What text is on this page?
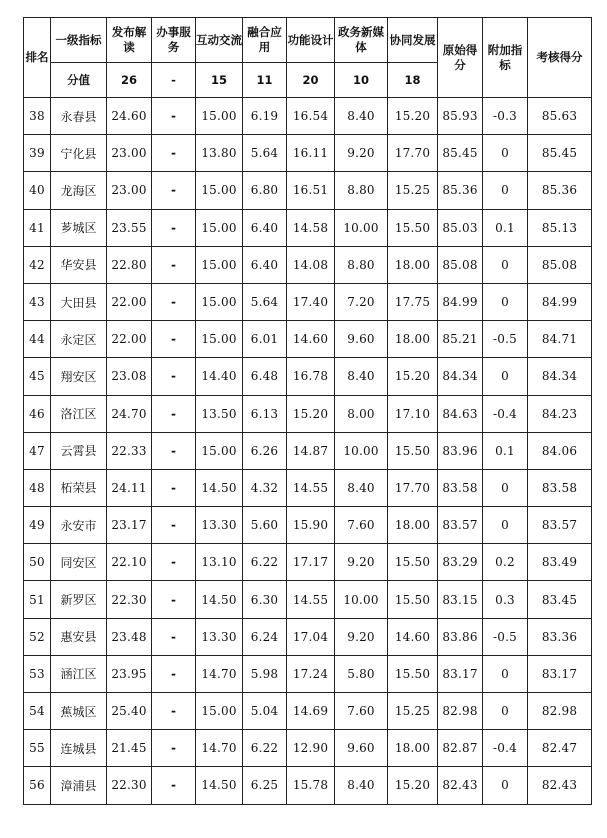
排名	一级指标	发布解读	办事服务	互动交流	融合应用	功能设计	政务新媒体	协同发展	原始得分	附加指标	考核得分

	分值	26	-	15	11	20	10	18			
38	永春县	24.60	-	15.00	6.19	16.54	8.40	15.20	85.93	-0.3	85.63
39	宁化县	23.00	-	13.80	5.64	16.11	9.20	17.70	85.45	0	85.45
40	龙海区	23.00	-	15.00	6.80	16.51	8.80	15.25	85.36	0	85.36
41	芗城区	23.55	-	15.00	6.40	14.58	10.00	15.50	85.03	0.1	85.13
42	华安县	22.80	-	15.00	6.40	14.08	8.80	18.00	85.08	0	85.08
43	大田县	22.00	-	15.00	5.64	17.40	7.20	17.75	84.99	0	84.99
44	永定区	22.00	-	15.00	6.01	14.60	9.60	18.00	85.21	-0.5	84.71
45	翔安区	23.08	-	14.40	6.48	16.78	8.40	15.20	84.34	0	84.34
46	洛江区	24.70	-	13.50	6.13	15.20	8.00	17.10	84.63	-0.4	84.23
47	云霄县	22.33	-	15.00	6.26	14.87	10.00	15.50	83.96	0.1	84.06
48	柘荣县	24.11	-	14.50	4.32	14.55	8.40	17.70	83.58	0	83.58
49	永安市	23.17	-	13.30	5.60	15.90	7.60	18.00	83.57	0	83.57
50	同安区	22.10	-	13.10	6.22	17.17	9.20	15.50	83.29	0.2	83.49
51	新罗区	22.30	-	14.50	6.30	14.55	10.00	15.50	83.15	0.3	83.45
52	惠安县	23.48	-	13.30	6.24	17.04	9.20	14.60	83.86	-0.5	83.36
53	涵江区	23.95	-	14.70	5.98	17.24	5.80	15.50	83.17	0	83.17
54	蕉城区	25.40	-	15.00	5.04	14.69	7.60	15.25	82.98	0	82.98
55	连城县	21.45	-	14.70	6.22	12.90	9.60	18.00	82.87	-0.4	82.47
56	漳浦县	22.30	-	14.50	6.25	15.78	8.40	15.20	82.43	0	82.43
